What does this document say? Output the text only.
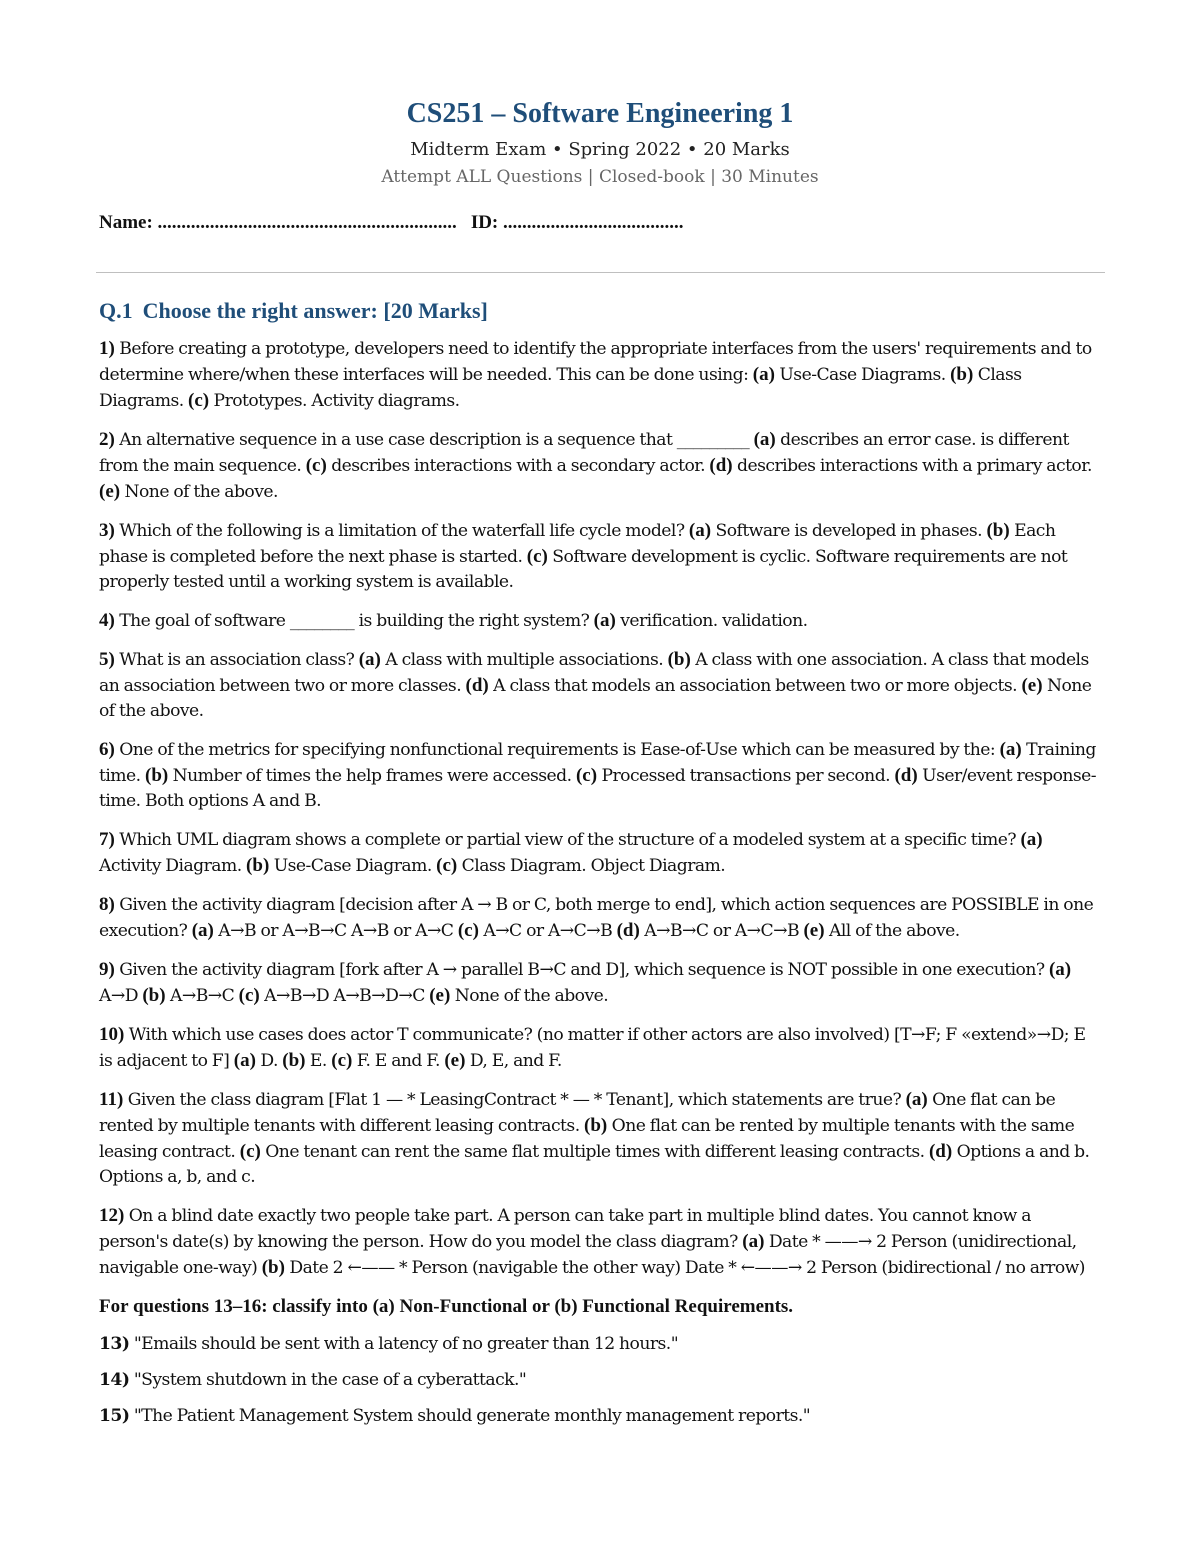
CS251 – Software Engineering 1
Midterm Exam • Spring 2022 • 20 Marks
Attempt ALL Questions | Closed-book | 30 Minutes
Name: ............................................................... ID: ......................................
Q.1 Choose the right answer: [20 Marks]
1) Before creating a prototype, developers need to identify the appropriate interfaces from the users' requirements and to determine where/when these interfaces will be needed. This can be done using: (a) Use-Case Diagrams. (b) Class Diagrams. (c) Prototypes. Activity diagrams.
2) An alternative sequence in a use case description is a sequence that _________ (a) describes an error case. is different from the main sequence. (c) describes interactions with a secondary actor. (d) describes interactions with a primary actor. (e) None of the above.
3) Which of the following is a limitation of the waterfall life cycle model? (a) Software is developed in phases. (b) Each phase is completed before the next phase is started. (c) Software development is cyclic. Software requirements are not properly tested until a working system is available.
4) The goal of software ________ is building the right system? (a) verification. validation.
5) What is an association class? (a) A class with multiple associations. (b) A class with one association. A class that models an association between two or more classes. (d) A class that models an association between two or more objects. (e) None of the above.
6) One of the metrics for specifying nonfunctional requirements is Ease-of-Use which can be measured by the: (a) Training time. (b) Number of times the help frames were accessed. (c) Processed transactions per second. (d) User/event response-time. Both options A and B.
7) Which UML diagram shows a complete or partial view of the structure of a modeled system at a specific time? (a) Activity Diagram. (b) Use-Case Diagram. (c) Class Diagram. Object Diagram.
8) Given the activity diagram [decision after A → B or C, both merge to end], which action sequences are POSSIBLE in one execution? (a) A→B or A→B→C A→B or A→C (c) A→C or A→C→B (d) A→B→C or A→C→B (e) All of the above.
9) Given the activity diagram [fork after A → parallel B→C and D], which sequence is NOT possible in one execution? (a) A→D (b) A→B→C (c) A→B→D A→B→D→C (e) None of the above.
10) With which use cases does actor T communicate? (no matter if other actors are also involved) [T→F; F «extend»→D; E is adjacent to F] (a) D. (b) E. (c) F. E and F. (e) D, E, and F.
11) Given the class diagram [Flat 1 — * LeasingContract * — * Tenant], which statements are true? (a) One flat can be rented by multiple tenants with different leasing contracts. (b) One flat can be rented by multiple tenants with the same leasing contract. (c) One tenant can rent the same flat multiple times with different leasing contracts. (d) Options a and b. Options a, b, and c.
12) On a blind date exactly two people take part. A person can take part in multiple blind dates. You cannot know a person's date(s) by knowing the person. How do you model the class diagram? (a) Date * ——→ 2 Person (unidirectional, navigable one-way) (b) Date 2 ←—— * Person (navigable the other way) Date * ←——→ 2 Person (bidirectional / no arrow)
For questions 13–16: classify into (a) Non-Functional or (b) Functional Requirements.
13) "Emails should be sent with a latency of no greater than 12 hours."
14) "System shutdown in the case of a cyberattack."
15) "The Patient Management System should generate monthly management reports."
